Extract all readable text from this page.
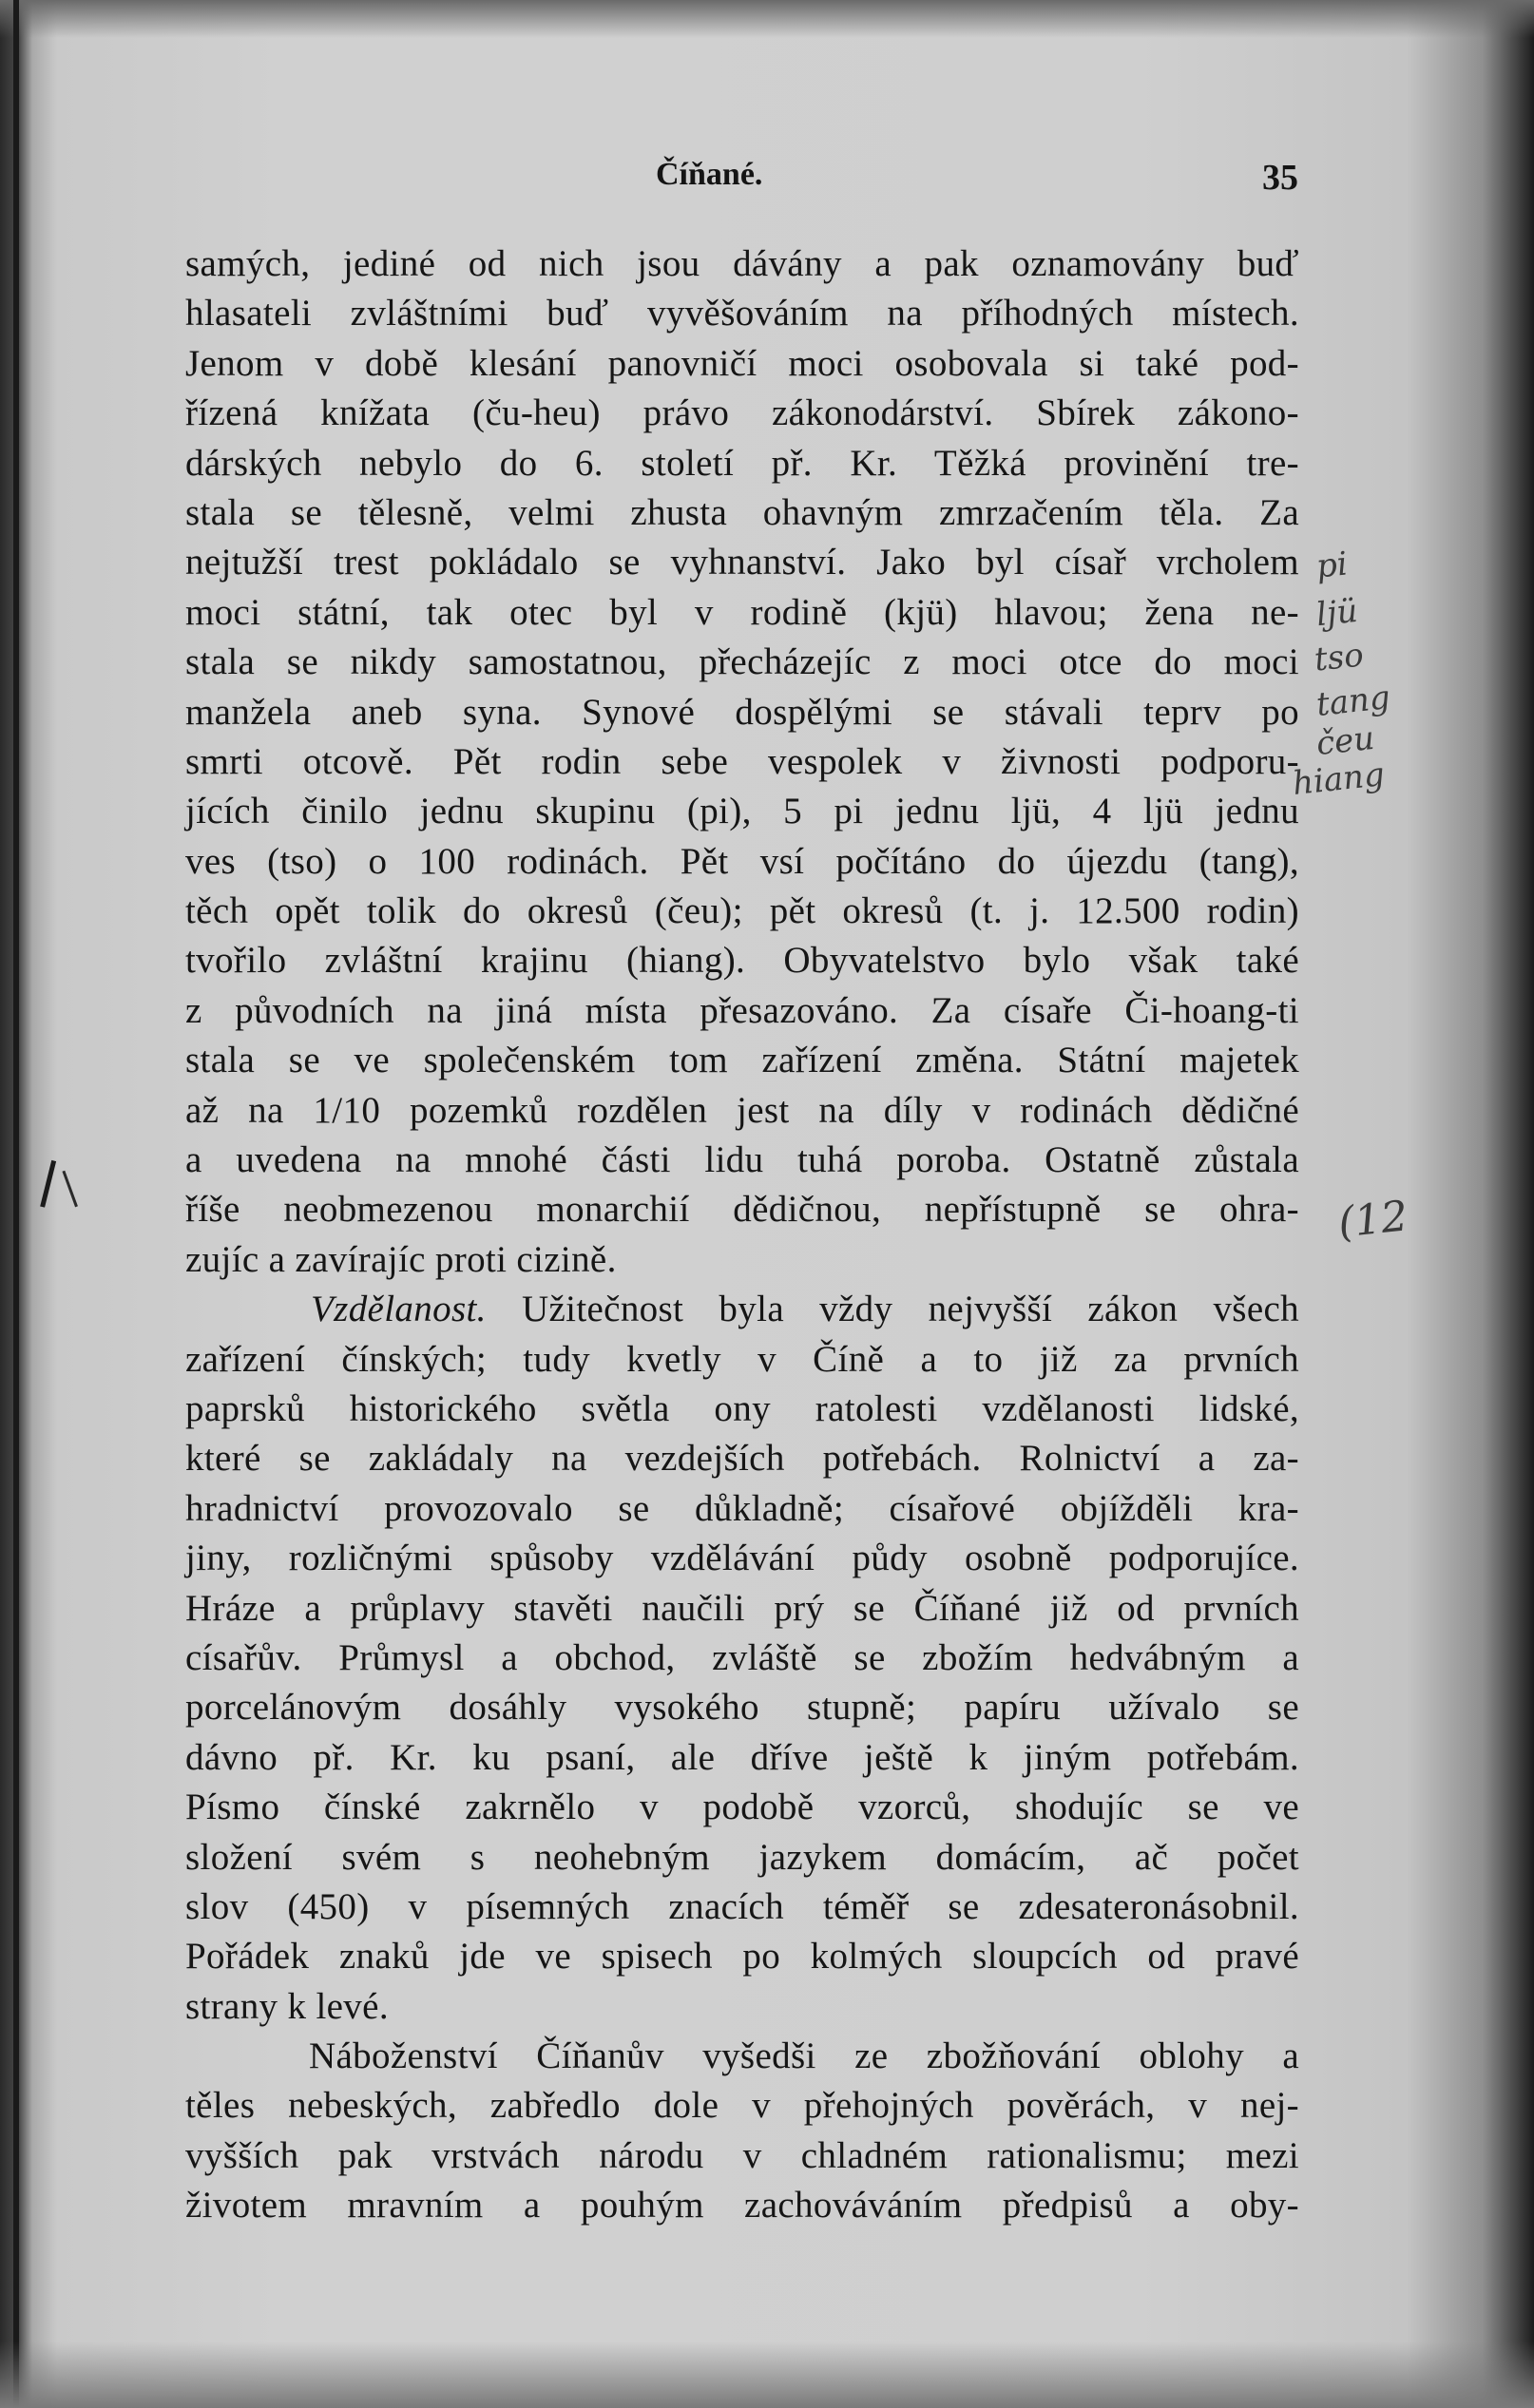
Číňané.	35
samých, jediné od nich jsou dávány a pak oznamovány buď
hlasateli zvláštními buď vyvěšováním na příhodných místech.
Jenom v době klesání panovničí moci osobovala si také pod-
řízená knížata (ču-heu) právo zákonodárství. Sbírek zákono-
dárských nebylo do 6. století př. Kr. Těžká provinění tre-
stala se tělesně, velmi zhusta ohavným zmrzačením těla. Za
nejtužší trest pokládalo se vyhnanství. Jako byl císař vrcholem
moci státní, tak otec byl v rodině (kjü) hlavou; žena ne-
stala se nikdy samostatnou, přecházejíc z moci otce do moci
manžela aneb syna. Synové dospělými se stávali teprv po
smrti otcově. Pět rodin sebe vespolek v živnosti podporu-
jících činilo jednu skupinu (pi), 5 pi jednu ljü, 4 ljü jednu
ves (tso) o 100 rodinách. Pět vsí počítáno do újezdu (tang),
těch opět tolik do okresů (čeu); pět okresů (t. j. 12.500 rodin)
tvořilo zvláštní krajinu (hiang). Obyvatelstvo bylo však také
z původních na jiná místa přesazováno. Za císaře Či-hoang-ti
stala se ve společenském tom zařízení změna. Státní majetek
až na 1/10 pozemků rozdělen jest na díly v rodinách dědičné
a uvedena na mnohé části lidu tuhá poroba. Ostatně zůstala
říše neobmezenou monarchií dědičnou, nepřístupně se ohra-
zujíc a zavírajíc proti cizině.
Vzdělanost. Užitečnost byla vždy nejvyšší zákon všech
zařízení čínských; tudy kvetly v Číně a to již za prvních
paprsků historického světla ony ratolesti vzdělanosti lidské,
které se zakládaly na vezdejších potřebách. Rolnictví a za-
hradnictví provozovalo se důkladně; císařové objížděli kra-
jiny, rozličnými spůsoby vzdělávání půdy osobně podporujíce.
Hráze a průplavy stavěti naučili prý se Číňané již od prvních
císařův. Průmysl a obchod, zvláště se zbožím hedvábným a
porcelánovým dosáhly vysokého stupně; papíru užívalo se
dávno př. Kr. ku psaní, ale dříve ještě k jiným potřebám.
Písmo čínské zakrnělo v podobě vzorců, shodujíc se ve
složení svém s neohebným jazykem domácím, ač počet
slov (450) v písemných znacích téměř se zdesateronásobnil.
Pořádek znaků jde ve spisech po kolmých sloupcích od pravé
strany k levé.
Náboženství Číňanův vyšedši ze zbožňování oblohy a
těles nebeských, zabředlo dole v přehojných pověrách, v nej-
vyšších pak vrstvách národu v chladném rationalismu; mezi
životem mravním a pouhým zachováváním předpisů a oby-
pi
ljü
tso
tang
čeu
hiang
(12
